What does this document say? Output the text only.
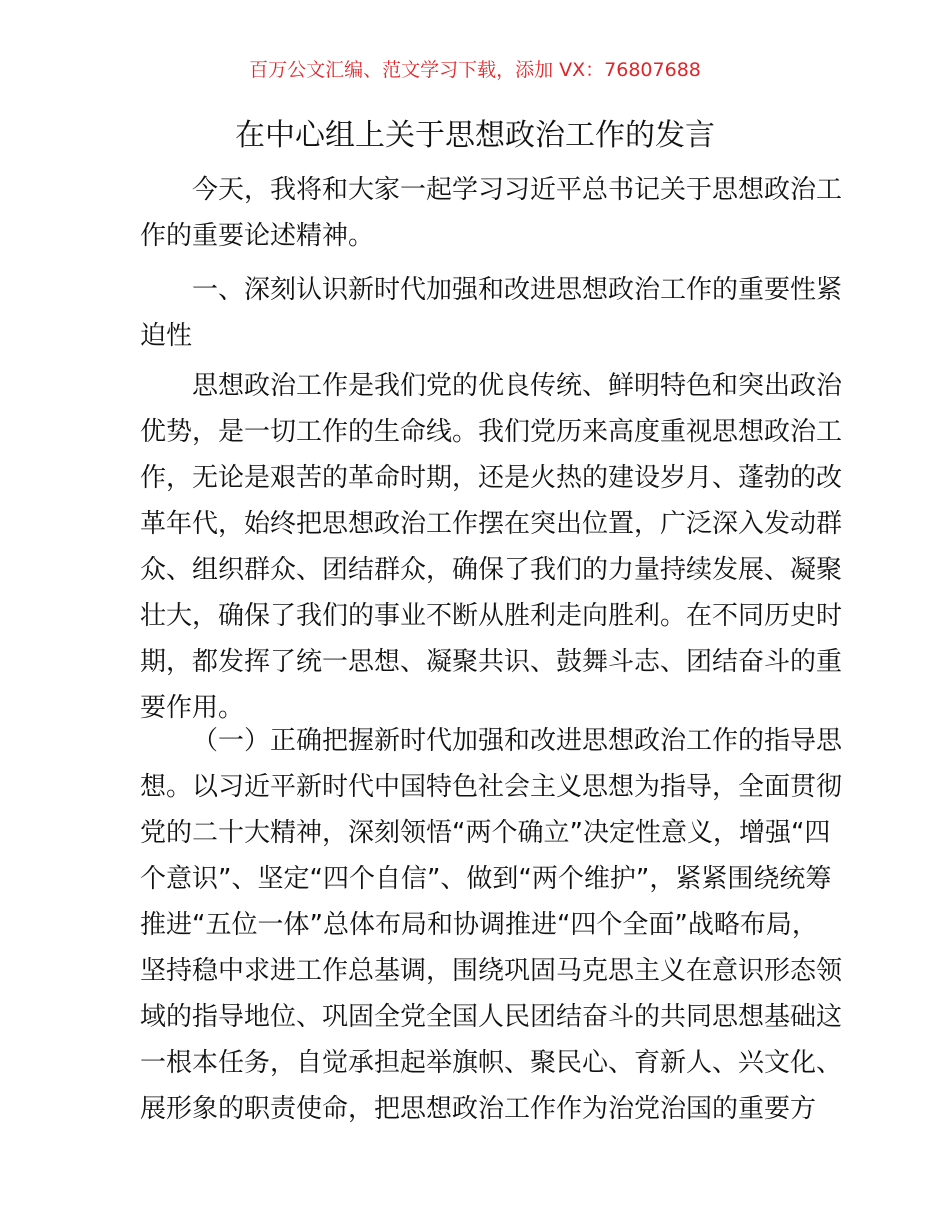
百万公文汇编、范文学习下载，添加 VX：76807688
在中心组上关于思想政治工作的发言
今天，我将和大家一起学习习近平总书记关于思想政治工
作的重要论述精神。
一、深刻认识新时代加强和改进思想政治工作的重要性紧
迫性
思想政治工作是我们党的优良传统、鲜明特色和突出政治
优势，是一切工作的生命线。我们党历来高度重视思想政治工
作，无论是艰苦的革命时期，还是火热的建设岁月、蓬勃的改
革年代，始终把思想政治工作摆在突出位置，广泛深入发动群
众、组织群众、团结群众，确保了我们的力量持续发展、凝聚
壮大，确保了我们的事业不断从胜利走向胜利。在不同历史时
期，都发挥了统一思想、凝聚共识、鼓舞斗志、团结奋斗的重
要作用。
（一）正确把握新时代加强和改进思想政治工作的指导思
想。以习近平新时代中国特色社会主义思想为指导，全面贯彻
党的二十大精神，深刻领悟“两个确立”决定性意义，增强“四
个意识”、坚定“四个自信”、做到“两个维护”，紧紧围绕统筹
推进“五位一体”总体布局和协调推进“四个全面”战略布局，
坚持稳中求进工作总基调，围绕巩固马克思主义在意识形态领
域的指导地位、巩固全党全国人民团结奋斗的共同思想基础这
一根本任务，自觉承担起举旗帜、聚民心、育新人、兴文化、
展形象的职责使命，把思想政治工作作为治党治国的重要方
